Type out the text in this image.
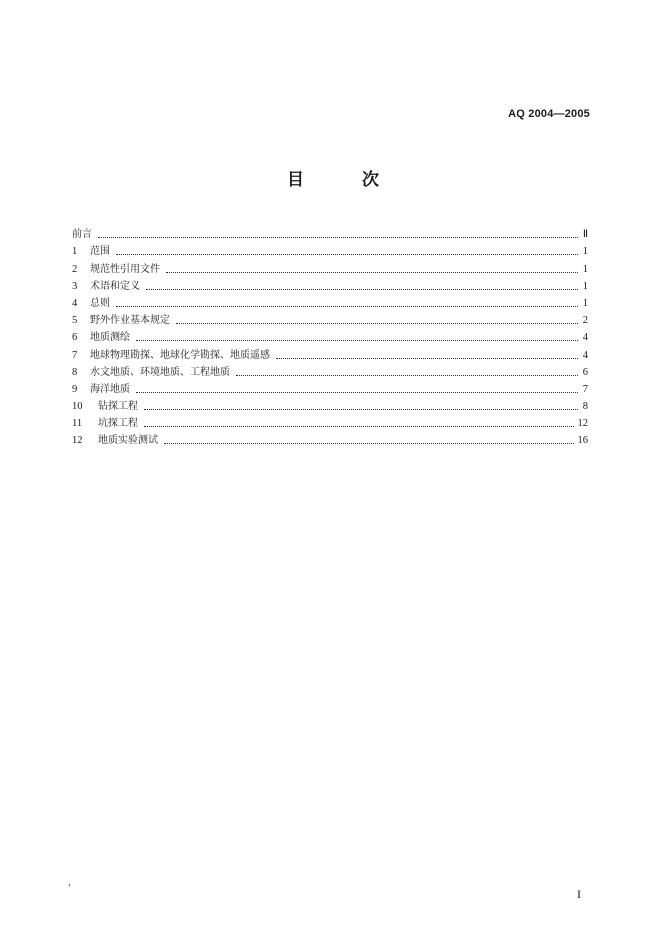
AQ 2004—2005
目 次
前言	Ⅱ
1	范围	1
2	规范性引用文件	1
3	术语和定义	1
4	总则	1
5	野外作业基本规定	2
6	地质测绘	4
7	地球物理勘探、地球化学勘探、地质遥感	4
8	水文地质、环境地质、工程地质	6
9	海洋地质	7
10	钻探工程	8
11	坑探工程	12
12	地质实验测试	16
'	I
